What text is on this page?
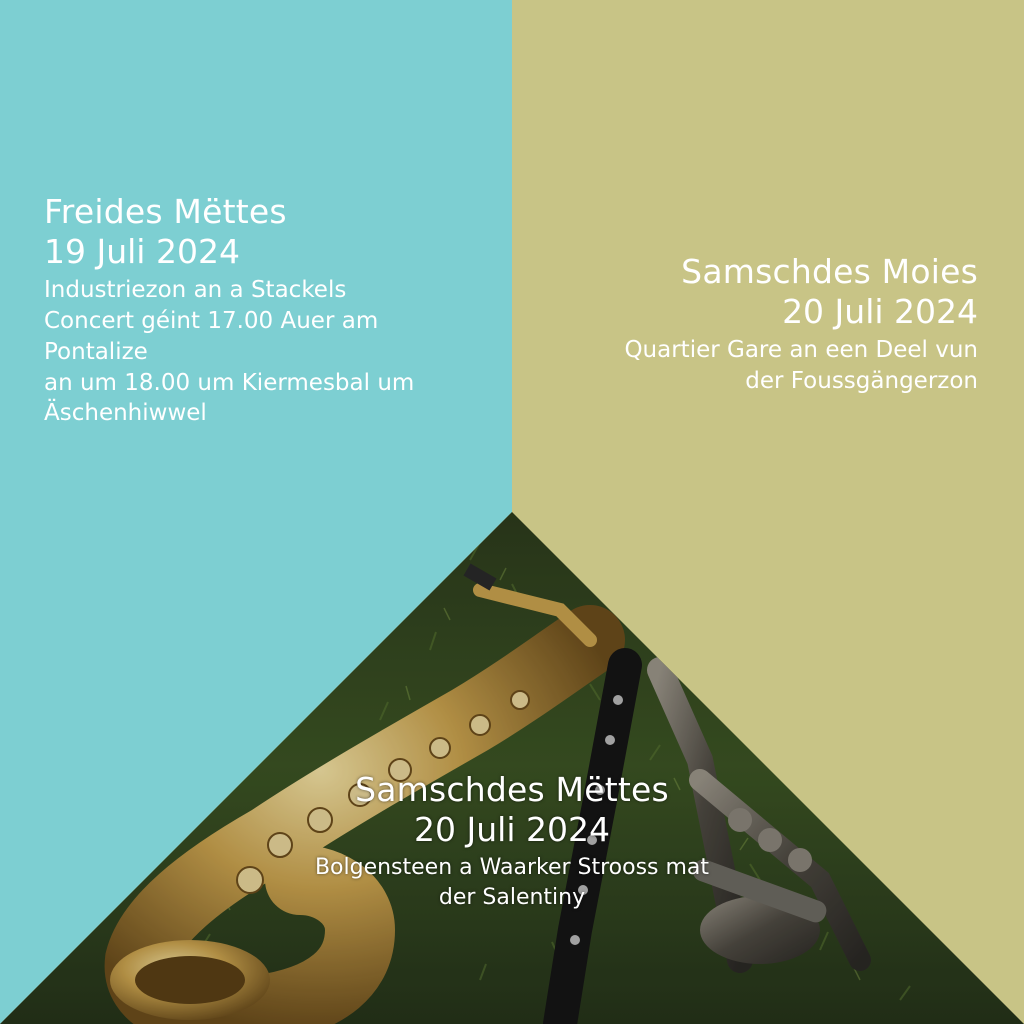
Freides Mëttes
19 Juli 2024
Industriezon an a Stackels
Concert géint 17.00 Auer am
Pontalize
an um 18.00 um Kiermesbal um
Äschenhiwwel
Samschdes Moies
20 Juli 2024
Quartier Gare an een Deel vun
der Foussgängerzon
Samschdes Mëttes
20 Juli 2024
Bolgensteen a Waarker Strooss mat
der Salentiny
